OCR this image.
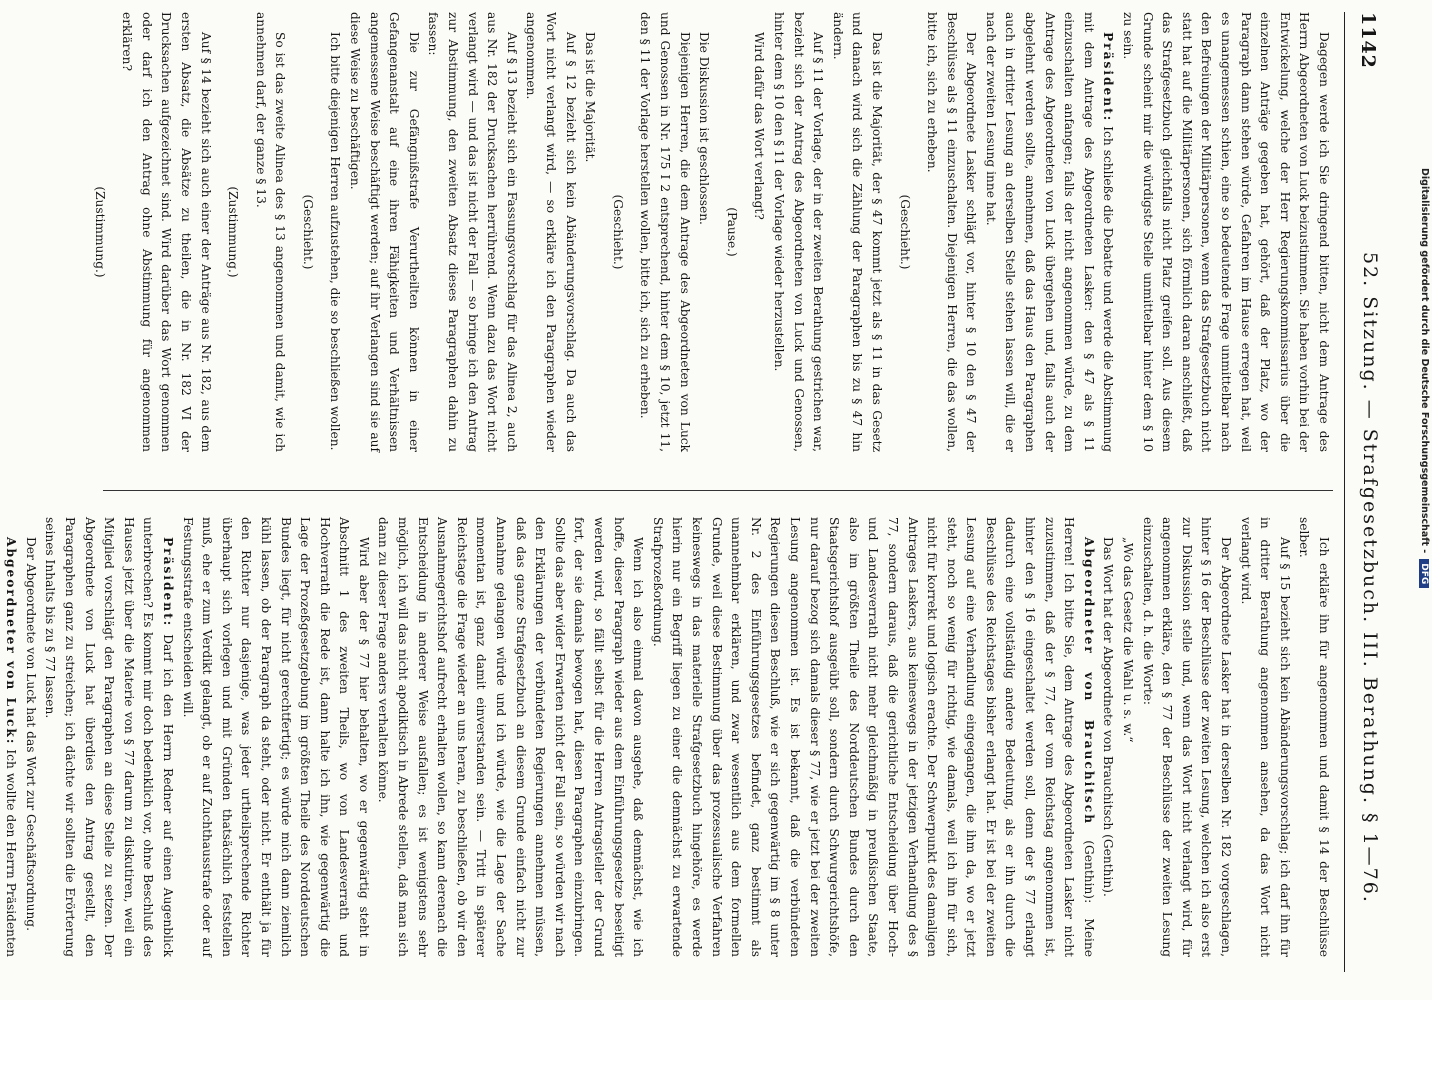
1142
52. Sitzung. — Strafgesetzbuch. III. Berathung. § 1—76.

Dagegen werde ich Sie dringend bitten, nicht dem Antrage des Herrn Abgeordneten von Luck beizustimmen. Sie haben vorhin bei der Entwickelung, welche der Herr Regierungskommissarius über die einzelnen Anträge gegeben hat, gehört, daß der Platz, wo der Paragraph dann stehen würde, Gefahren im Hause erregen hat, weil es unangemessen schien, eine so bedeutende Frage unmittelbar nach den Befreiungen der Militärpersonen, wenn das Strafgesetzbuch nicht statt hat auf die Militärpersonen, sich förmlich daran anschließt, daß das Strafgesetzbuch gleichfalls nicht Platz greifen soll. Aus diesem Grunde scheint mir die würdigste Stelle unmittelbar hinter dem § 10 zu sein.

Präsident: Ich schließe die Debatte und werde die Abstimmung mit dem Antrage des Abgeordneten Lasker: den § 47 als § 11 einzuschalten anfangen; falls der nicht angenommen würde, zu dem Antrage des Abgeordneten von Luck übergehen und, falls auch der abgelehnt werden sollte, annehmen, daß das Haus den Paragraphen auch in dritter Lesung an derselben Stelle stehen lassen will, die er nach der zweiten Lesung inne hat.

Der Abgeordnete Lasker schlägt vor, hinter § 10 den § 47 der Beschlüsse als § 11 einzuschalten. Diejenigen Herren, die das wollen, bitte ich, sich zu erheben.

(Geschieht.)

Das ist die Majorität, der § 47 kommt jetzt als § 11 in das Gesetz und danach wird sich die Zählung der Paragraphen bis zu § 47 hin ändern.

Auf § 11 der Vorlage, der in der zweiten Berathung gestrichen war, bezieht sich der Antrag des Abgeordneten von Luck und Genossen, hinter dem § 10 den § 11 der Vorlage wieder herzustellen.

Wird dafür das Wort verlangt?

(Pause.)

Die Diskussion ist geschlossen.

Diejenigen Herren, die dem Antrage des Abgeordneten von Luck und Genossen in Nr. 175 I 2 entsprechend, hinter dem § 10, jetzt 11, den § 11 der Vorlage herstellen wollen, bitte ich, sich zu erheben.

(Geschieht.)

Das ist die Majorität.

Auf § 12 bezieht sich kein Abänderungsvorschlag. Da auch das Wort nicht verlangt wird, — so erkläre ich den Paragraphen wieder angenommen.

Auf § 13 bezieht sich ein Fassungsvorschlag für das Alinea 2, auch aus Nr. 182 der Drucksachen herrührend. Wenn dazu das Wort nicht verlangt wird — und das ist nicht der Fall — so bringe ich den Antrag zur Abstimmung, den zweiten Absatz dieses Paragraphen dahin zu fassen:

Die zur Gefängnißstrafe Verurtheilten können in einer Gefangenanstalt auf eine ihren Fähigkeiten und Verhältnissen angemessene Weise beschäftigt werden; auf ihr Verlangen sind sie auf diese Weise zu beschäftigen.

Ich bitte diejenigen Herren aufzustehen, die so beschließen wollen.

(Geschieht.)

So ist das zweite Alinea des § 13 angenommen und damit, wie ich annehmen darf, der ganze § 13.

(Zustimmung.)

Auf § 14 bezieht sich auch einer der Anträge aus Nr. 182, aus dem ersten Absatz, die Absätze zu theilen, die in Nr. 182 VI der Drucksachen aufgezeichnet sind. Wird darüber das Wort genommen oder darf ich den Antrag ohne Abstimmung für angenommen erklären?

(Zustimmung.)

Ich erkläre ihn für angenommen und damit § 14 der Beschlüsse selber.

Auf § 15 bezieht sich kein Abänderungsvorschlag; ich darf ihn für in dritter Berathung angenommen ansehen, da das Wort nicht verlangt wird.

Der Abgeordnete Lasker hat in derselben Nr. 182 vorgeschlagen, hinter § 16 der Beschlüsse der zweiten Lesung, welchen ich also erst zur Diskussion stelle und, wenn das Wort nicht verlangt wird, für angenommen erkläre, den § 77 der Beschlüsse der zweiten Lesung einzuschalten, d. h. die Worte:

„Wo das Gesetz die Wahl u. s. w.“

Das Wort hat der Abgeordnete von Brauchitsch (Genthin).

Abgeordneter von Brauchitsch (Genthin): Meine Herren! Ich bitte Sie, dem Antrage des Abgeordneten Lasker nicht zuzustimmen, daß der § 77, der vom Reichstag angenommen ist, hinter den § 16 eingeschaltet werden soll, denn der § 77 erlangt dadurch eine vollständig andere Bedeutung, als er ihn durch die Beschlüsse des Reichstages bisher erlangt hat. Er ist bei der zweiten Lesung auf eine Verhandlung eingegangen, die ihm da, wo er jetzt steht, noch so wenig für richtig, wie damals, weil ich ihn für sich, nicht für korrekt und logisch erachte. Der Schwerpunkt des damaligen Antrages Laskers, aus keineswegs in der jetzigen Verhandlung des § 77, sondern daraus, daß die gerichtliche Entscheidung über Hoch- und Landesverrath nicht mehr gleichmäßig in preußischen Staate, also im größten Theile des Norddeutschen Bundes durch den Staatsgerichtshof ausgeübt soll, sondern durch Schwurgerichtshöfe, nur darauf bezog sich damals dieser § 77, wie er jetzt bei der zweiten Lesung angenommen ist. Es ist bekannt, daß die verbündeten Regierungen diesen Beschluß, wie er sich gegenwärtig im § 8 unter Nr. 2 des Einführungsgesetzes befindet, ganz bestimmt als unannehmbar erklären, und zwar wesentlich aus dem formellen Grunde, weil diese Bestimmung über das prozessualische Verfahren keineswegs in das materielle Strafgesetzbuch hingehöre, es werde hierin nur ein Begriff liegen zu einer die demnächst zu erwartende Strafprozeßordnung.

Wenn ich also einmal davon ausgehe, daß demnächst, wie ich hoffe, dieser Paragraph wieder aus dem Einführungsgesetze beseitigt werden wird, so fällt selbst für die Herren Antragsteller der Grund fort, der sie damals bewogen hat, diesen Paragraphen einzubringen. Sollte das aber wider Erwarten nicht der Fall sein, so würden wir nach den Erklärungen der verbündeten Regierungen annehmen müssen, daß das ganze Strafgesetzbuch an diesem Grunde einfach nicht zur Annahme gelangen würde und ich würde, wie die Lage der Sache momentan ist, ganz damit einverstanden sein. — Tritt in späterer Reichstage die Frage wieder an uns heran, zu beschließen, ob wir den Ausnahmegerichtshof aufrecht erhalten wollen, so kann derenach die Entscheidung in anderer Weise ausfallen; es ist wenigstens sehr möglich, ich will das nicht apodiktisch in Abrede stellen, daß man sich dann zu dieser Frage anders verhalten könne.

Wird aber der § 77 hier behalten, wo er gegenwärtig steht in Abschnitt 1 des zweiten Theils, wo von Landesverrath und Hochverrath die Rede ist, dann halte ich ihn, wie gegenwärtig die Lage der Prozeßgesetzgebung im größten Theile des Norddeutschen Bundes liegt, für nicht gerechtfertigt; es würde mich dann ziemlich kühl lassen, ob der Paragraph da steht, oder nicht. Er enthält ja für den Richter nur dasjenige, was jeder urtheilsprechende Richter überhaupt sich vorlegen und mit Gründen thatsächlich feststellen muß, ehe er zum Verdikt gelangt, ob er auf Zuchthausstrafe oder auf Festungsstrafe entscheiden will.

Präsident: Darf ich den Herrn Redner auf einen Augenblick unterbrechen? Es kommt mir doch bedenklich vor, ohne Beschluß des Hauses jetzt über die Materie von § 77 darum zu diskutiren, weil ein Mitglied vorschlägt den Paragraphen an diese Stelle zu setzen. Der Abgeordnete von Luck hat überdies den Antrag gestellt, den Paragraphen ganz zu streichen; ich dächte wir sollten die Erörterung seines Inhalts bis zu § 77 lassen.

Der Abgeordnete von Luck hat das Wort zur Geschäftsordnung.

Abgeordneter von Luck: Ich wollte den Herrn Präsidenten

Digitalisierung gefördert durch die Deutsche Forschungsgemeinschaft -DFG
